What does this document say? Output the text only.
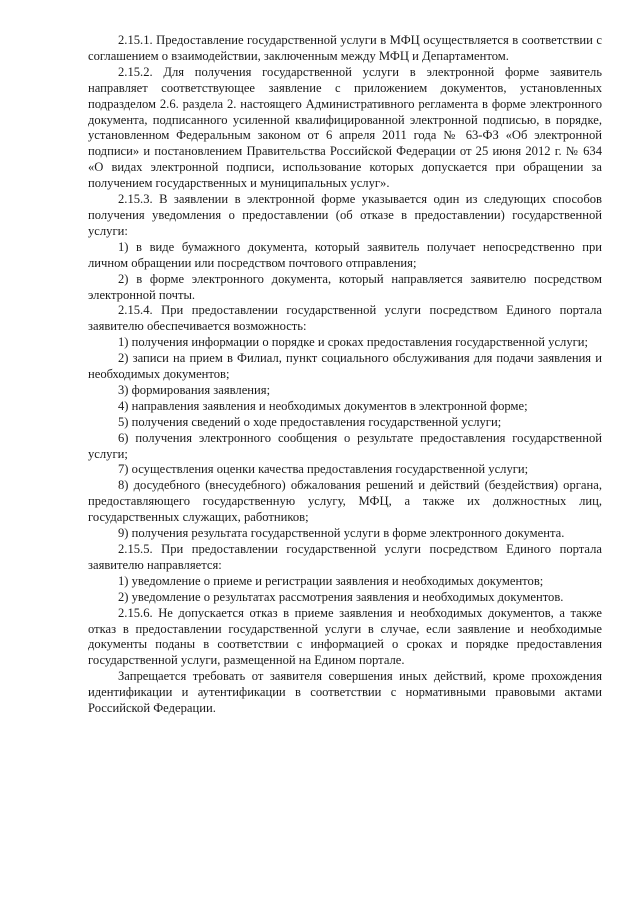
2.15.1. Предоставление государственной услуги в МФЦ осуществляется в соответствии с соглашением о взаимодействии, заключенным между МФЦ и Департаментом.

2.15.2. Для получения государственной услуги в электронной форме заявитель направляет соответствующее заявление с приложением документов, установленных подразделом 2.6. раздела 2. настоящего Административного регламента в форме электронного документа, подписанного усиленной квалифицированной электронной подписью, в порядке, установленном Федеральным законом от 6 апреля 2011 года № 63-ФЗ «Об электронной подписи» и постановлением Правительства Российской Федерации от 25 июня 2012 г. № 634 «О видах электронной подписи, использование которых допускается при обращении за получением государственных и муниципальных услуг».

2.15.3. В заявлении в электронной форме указывается один из следующих способов получения уведомления о предоставлении (об отказе в предоставлении) государственной услуги:

1) в виде бумажного документа, который заявитель получает непосредственно при личном обращении или посредством почтового отправления;

2) в форме электронного документа, который направляется заявителю посредством электронной почты.

2.15.4. При предоставлении государственной услуги посредством Единого портала заявителю обеспечивается возможность:

1) получения информации о порядке и сроках предоставления государственной услуги;

2) записи на прием в Филиал, пункт социального обслуживания для подачи заявления и необходимых документов;

3) формирования заявления;

4) направления заявления и необходимых документов в электронной форме;

5) получения сведений о ходе предоставления государственной услуги;

6) получения электронного сообщения о результате предоставления государственной услуги;

7) осуществления оценки качества предоставления государственной услуги;

8) досудебного (внесудебного) обжалования решений и действий (бездействия) органа, предоставляющего государственную услугу, МФЦ, а также их должностных лиц, государственных служащих, работников;

9) получения результата государственной услуги в форме электронного документа.

2.15.5. При предоставлении государственной услуги посредством Единого портала заявителю направляется:

1) уведомление о приеме и регистрации заявления и необходимых документов;

2) уведомление о результатах рассмотрения заявления и необходимых документов.

2.15.6. Не допускается отказ в приеме заявления и необходимых документов, а также отказ в предоставлении государственной услуги в случае, если заявление и необходимые документы поданы в соответствии с информацией о сроках и порядке предоставления государственной услуги, размещенной на Едином портале.

Запрещается требовать от заявителя совершения иных действий, кроме прохождения идентификации и аутентификации в соответствии с нормативными правовыми актами Российской Федерации.
